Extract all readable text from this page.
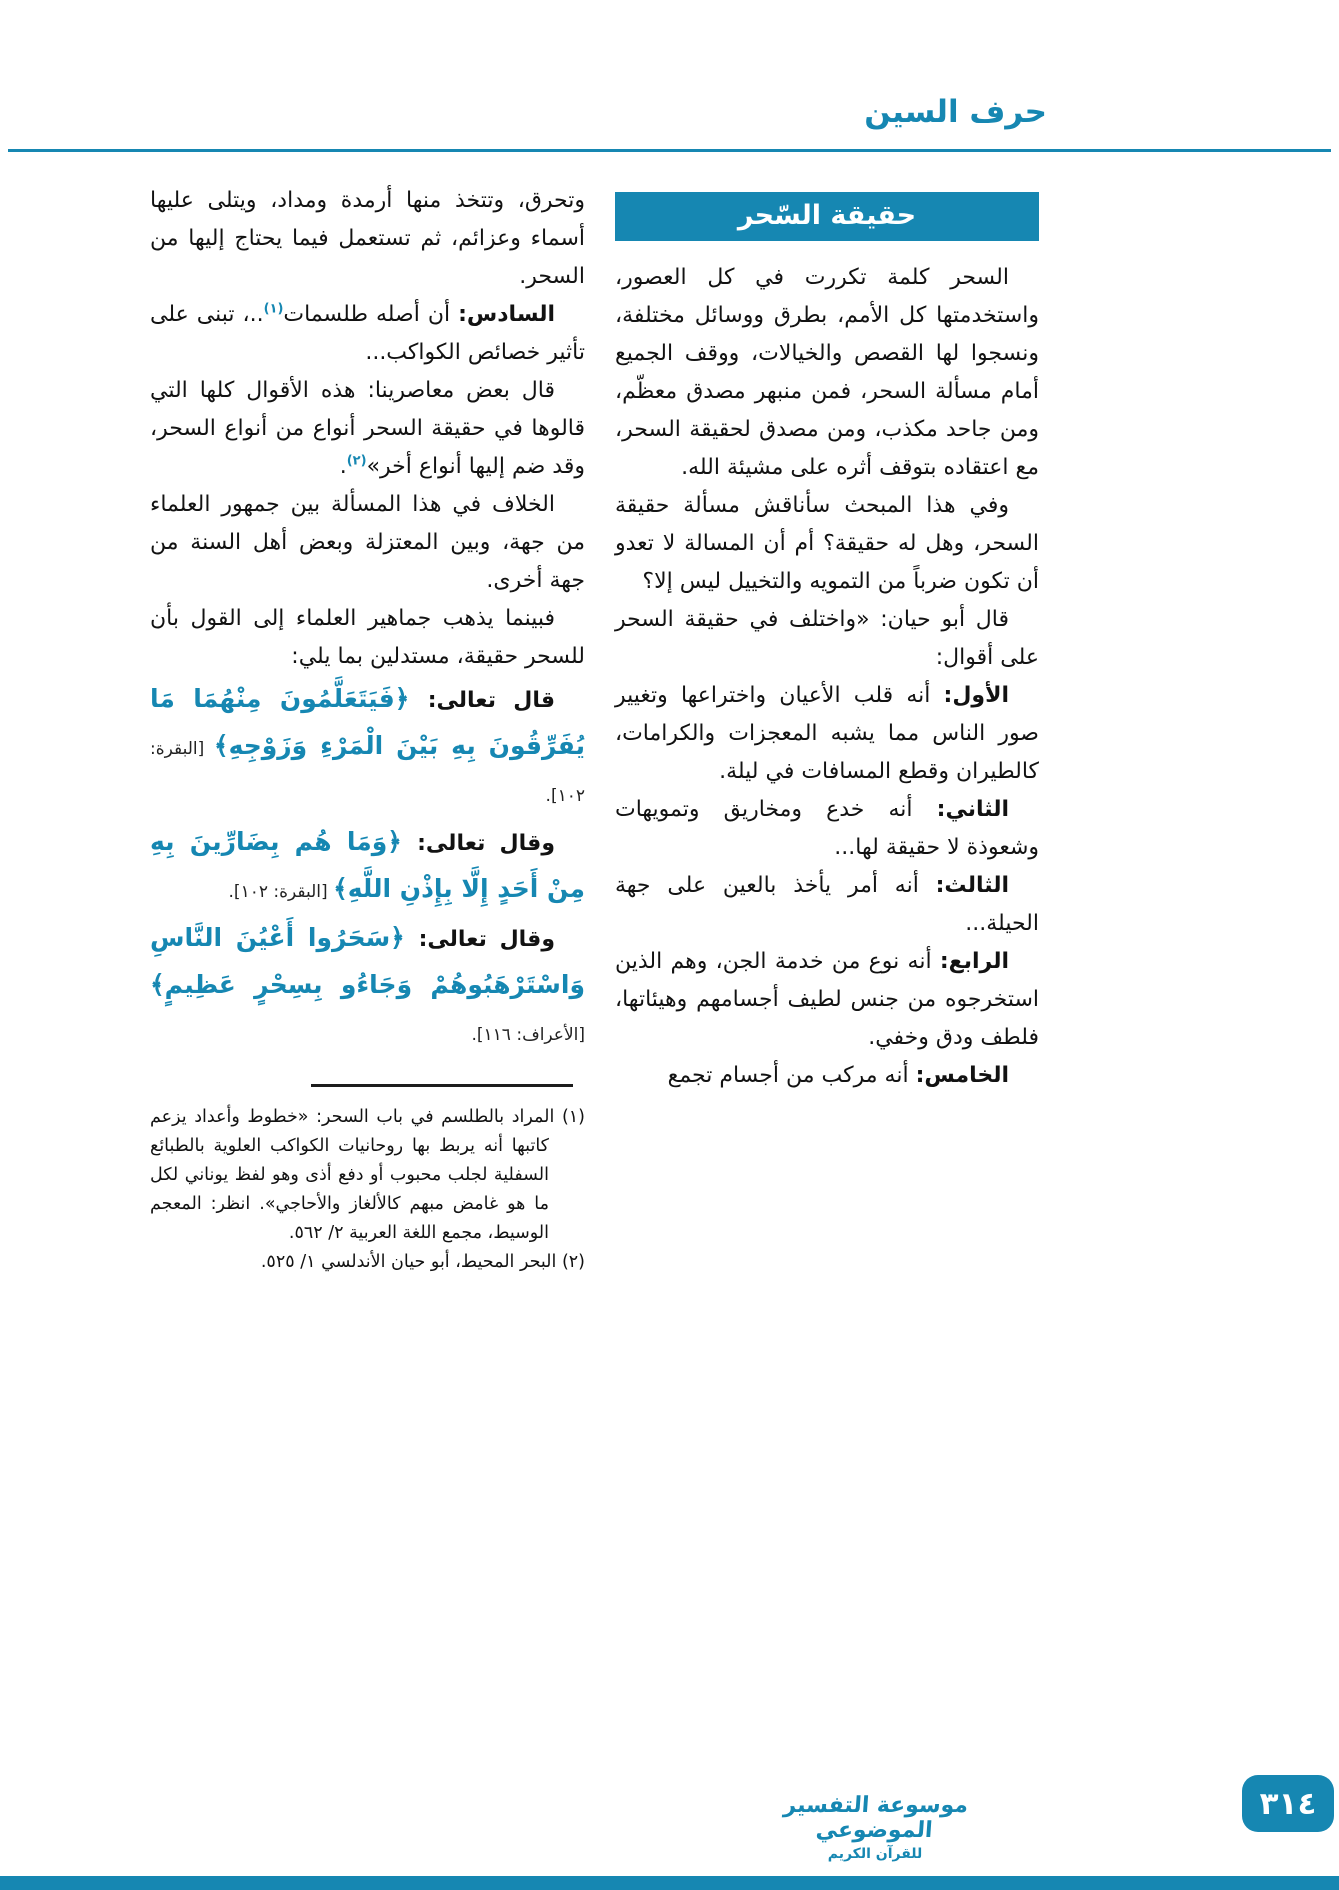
حرف السين
حقيقة السّحر

السحر كلمة تكررت في كل العصور، واستخدمتها كل الأمم، بطرق ووسائل مختلفة، ونسجوا لها القصص والخيالات، ووقف الجميع أمام مسألة السحر، فمن منبهر مصدق معظّم، ومن جاحد مكذب، ومن مصدق لحقيقة السحر، مع اعتقاده بتوقف أثره على مشيئة الله.

وفي هذا المبحث سأناقش مسألة حقيقة السحر، وهل له حقيقة؟ أم أن المسالة لا تعدو أن تكون ضرباً من التمويه والتخييل ليس إلا؟

قال أبو حيان: «واختلف في حقيقة السحر على أقوال:

الأول: أنه قلب الأعيان واختراعها وتغيير صور الناس مما يشبه المعجزات والكرامات، كالطيران وقطع المسافات في ليلة.

الثاني: أنه خدع ومخاريق وتمويهات وشعوذة لا حقيقة لها...

الثالث: أنه أمر يأخذ بالعين على جهة الحيلة...

الرابع: أنه نوع من خدمة الجن، وهم الذين استخرجوه من جنس لطيف أجسامهم وهيئاتها، فلطف ودق وخفي.

الخامس: أنه مركب من أجسام تجمع

وتحرق، وتتخذ منها أرمدة ومداد، ويتلى عليها أسماء وعزائم، ثم تستعمل فيما يحتاج إليها من السحر.

السادس: أن أصله طلسمات$^{(١)}$..، تبنى على تأثير خصائص الكواكب...

قال بعض معاصرينا: هذه الأقوال كلها التي قالوها في حقيقة السحر أنواع من أنواع السحر، وقد ضم إليها أنواع أخر»$^{(٢)}$.

الخلاف في هذا المسألة بين جمهور العلماء من جهة، وبين المعتزلة وبعض أهل السنة من جهة أخرى.

فبينما يذهب جماهير العلماء إلى القول بأن للسحر حقيقة، مستدلين بما يلي:

قال تعالى: ﴿فَيَتَعَلَّمُونَ مِنْهُمَا مَا يُفَرِّقُونَ بِهِ بَيْنَ الْمَرْءِ وَزَوْجِهِ﴾ [البقرة: ١٠٢].

وقال تعالى: ﴿وَمَا هُم بِضَارِّينَ بِهِ مِنْ أَحَدٍ إِلَّا بِإِذْنِ اللَّهِ﴾ [البقرة: ١٠٢].

وقال تعالى: ﴿سَحَرُوا أَعْيُنَ النَّاسِ وَاسْتَرْهَبُوهُمْ وَجَاءُو بِسِحْرٍ عَظِيمٍ﴾ [الأعراف: ١١٦].

(١) المراد بالطلسم في باب السحر: «خطوط وأعداد يزعم كاتبها أنه يربط بها روحانيات الكواكب العلوية بالطبائع السفلية لجلب محبوب أو دفع أذى وهو لفظ يوناني لكل ما هو غامض مبهم كالألغاز والأحاجي». انظر: المعجم الوسيط، مجمع اللغة العربية ٢/ ٥٦٢.

(٢) البحر المحيط، أبو حيان الأندلسي ١/ ٥٢٥.

موسوعة التفسير الموضوعي
للقرآن الكريم
٣١٤
